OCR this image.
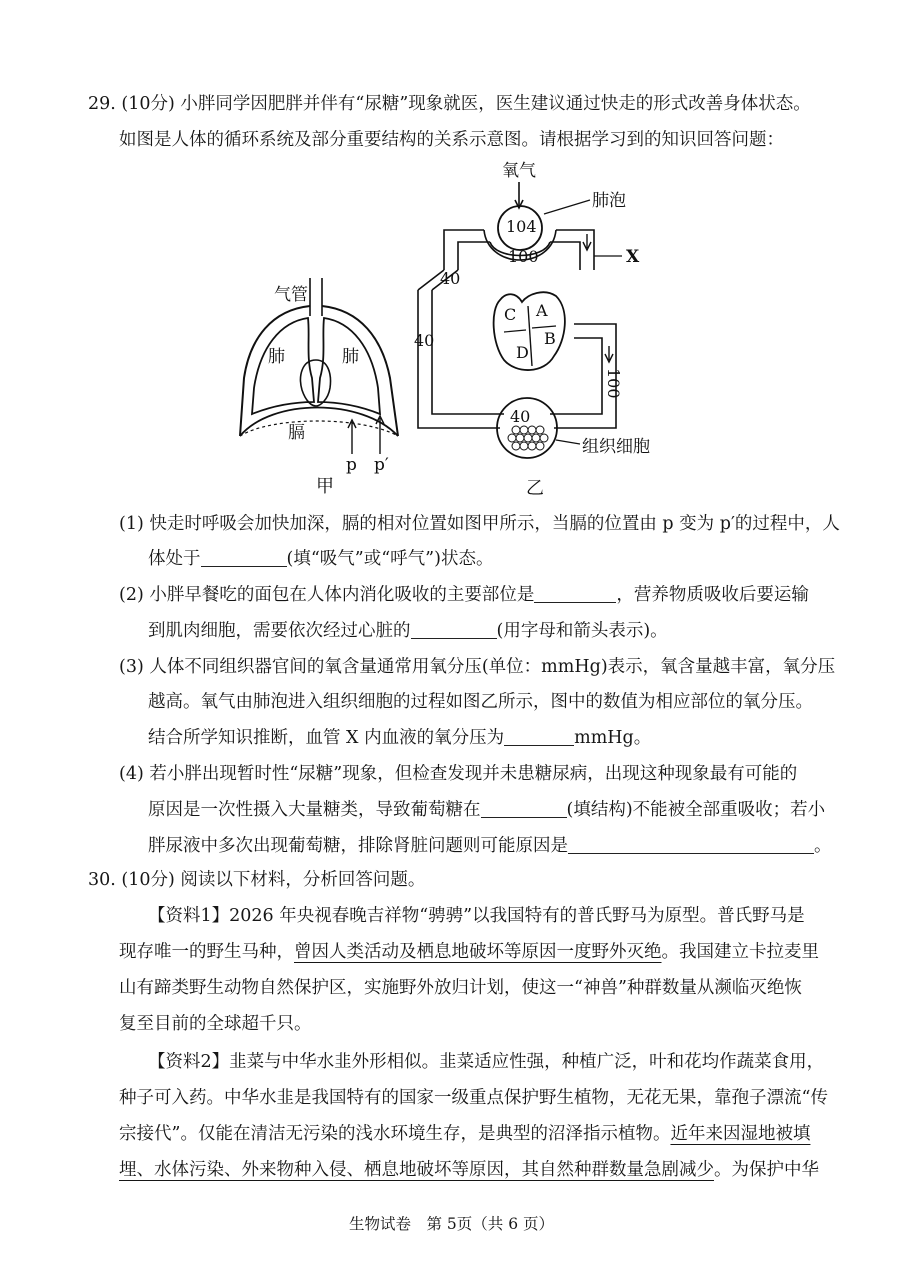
29. (10分) 小胖同学因肥胖并伴有“尿糖”现象就医，医生建议通过快走的形式改善身体状态。
如图是人体的循环系统及部分重要结构的关系示意图。请根据学习到的知识回答问题：
气管
肺	肺
膈
p p′
甲
氧气
肺泡
X
104
100
40
40
A
B
C
D
100
40
组织细胞
乙
(1) 快走时呼吸会加快加深，膈的相对位置如图甲所示，当膈的位置由 p 变为 p′的过程中，人
体处于	(填“吸气”或“呼气”)状态。
(2) 小胖早餐吃的面包在人体内消化吸收的主要部位是	，营养物质吸收后要运输
到肌肉细胞，需要依次经过心脏的	(用字母和箭头表示)。
(3) 人体不同组织器官间的氧含量通常用氧分压(单位：mmHg)表示，氧含量越丰富，氧分压
越高。氧气由肺泡进入组织细胞的过程如图乙所示，图中的数值为相应部位的氧分压。
结合所学知识推断，血管 X 内血液的氧分压为	mmHg。
(4) 若小胖出现暂时性“尿糖”现象，但检查发现并未患糖尿病，出现这种现象最有可能的
原因是一次性摄入大量糖类，导致葡萄糖在	(填结构)不能被全部重吸收；若小
胖尿液中多次出现葡萄糖，排除肾脏问题则可能原因是	。
30. (10分) 阅读以下材料，分析回答问题。
【资料1】2026 年央视春晚吉祥物“骋骋”以我国特有的普氏野马为原型。普氏野马是
现存唯一的野生马种，曾因人类活动及栖息地破坏等原因一度野外灭绝。我国建立卡拉麦里
山有蹄类野生动物自然保护区，实施野外放归计划，使这一“神兽”种群数量从濒临灭绝恢
复至目前的全球超千只。
【资料2】韭菜与中华水韭外形相似。韭菜适应性强，种植广泛，叶和花均作蔬菜食用，
种子可入药。中华水韭是我国特有的国家一级重点保护野生植物，无花无果，靠孢子漂流“传
宗接代”。仅能在清洁无污染的浅水环境生存，是典型的沼泽指示植物。近年来因湿地被填
埋、水体污染、外来物种入侵、栖息地破坏等原因，其自然种群数量急剧减少。为保护中华
生物试卷　第 5页（共 6 页）
